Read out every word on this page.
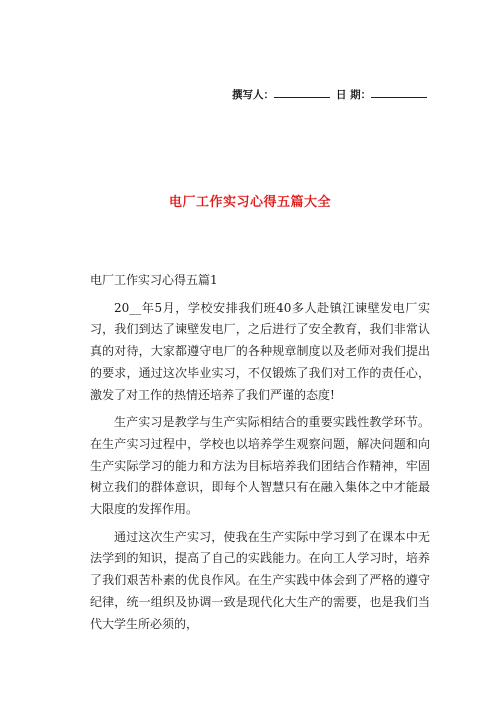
撰写人：	日 期：
电厂工作实习心得五篇大全

电厂工作实习心得五篇1

20__年5月，学校安排我们班40多人赴镇江谏壁发电厂实习，我们到达了谏壁发电厂，之后进行了安全教育，我们非常认真的对待，大家都遵守电厂的各种规章制度以及老师对我们提出的要求，通过这次毕业实习，不仅锻炼了我们对工作的责任心，激发了对工作的热情还培养了我们严谨的态度!

生产实习是教学与生产实际相结合的重要实践性教学环节。在生产实习过程中，学校也以培养学生观察问题，解决问题和向生产实际学习的能力和方法为目标培养我们团结合作精神，牢固树立我们的群体意识，即每个人智慧只有在融入集体之中才能最大限度的发挥作用。

通过这次生产实习，使我在生产实际中学习到了在课本中无法学到的知识，提高了自己的实践能力。在向工人学习时，培养了我们艰苦朴素的优良作风。在生产实践中体会到了严格的遵守纪律，统一组织及协调一致是现代化大生产的需要，也是我们当代大学生所必须的，
